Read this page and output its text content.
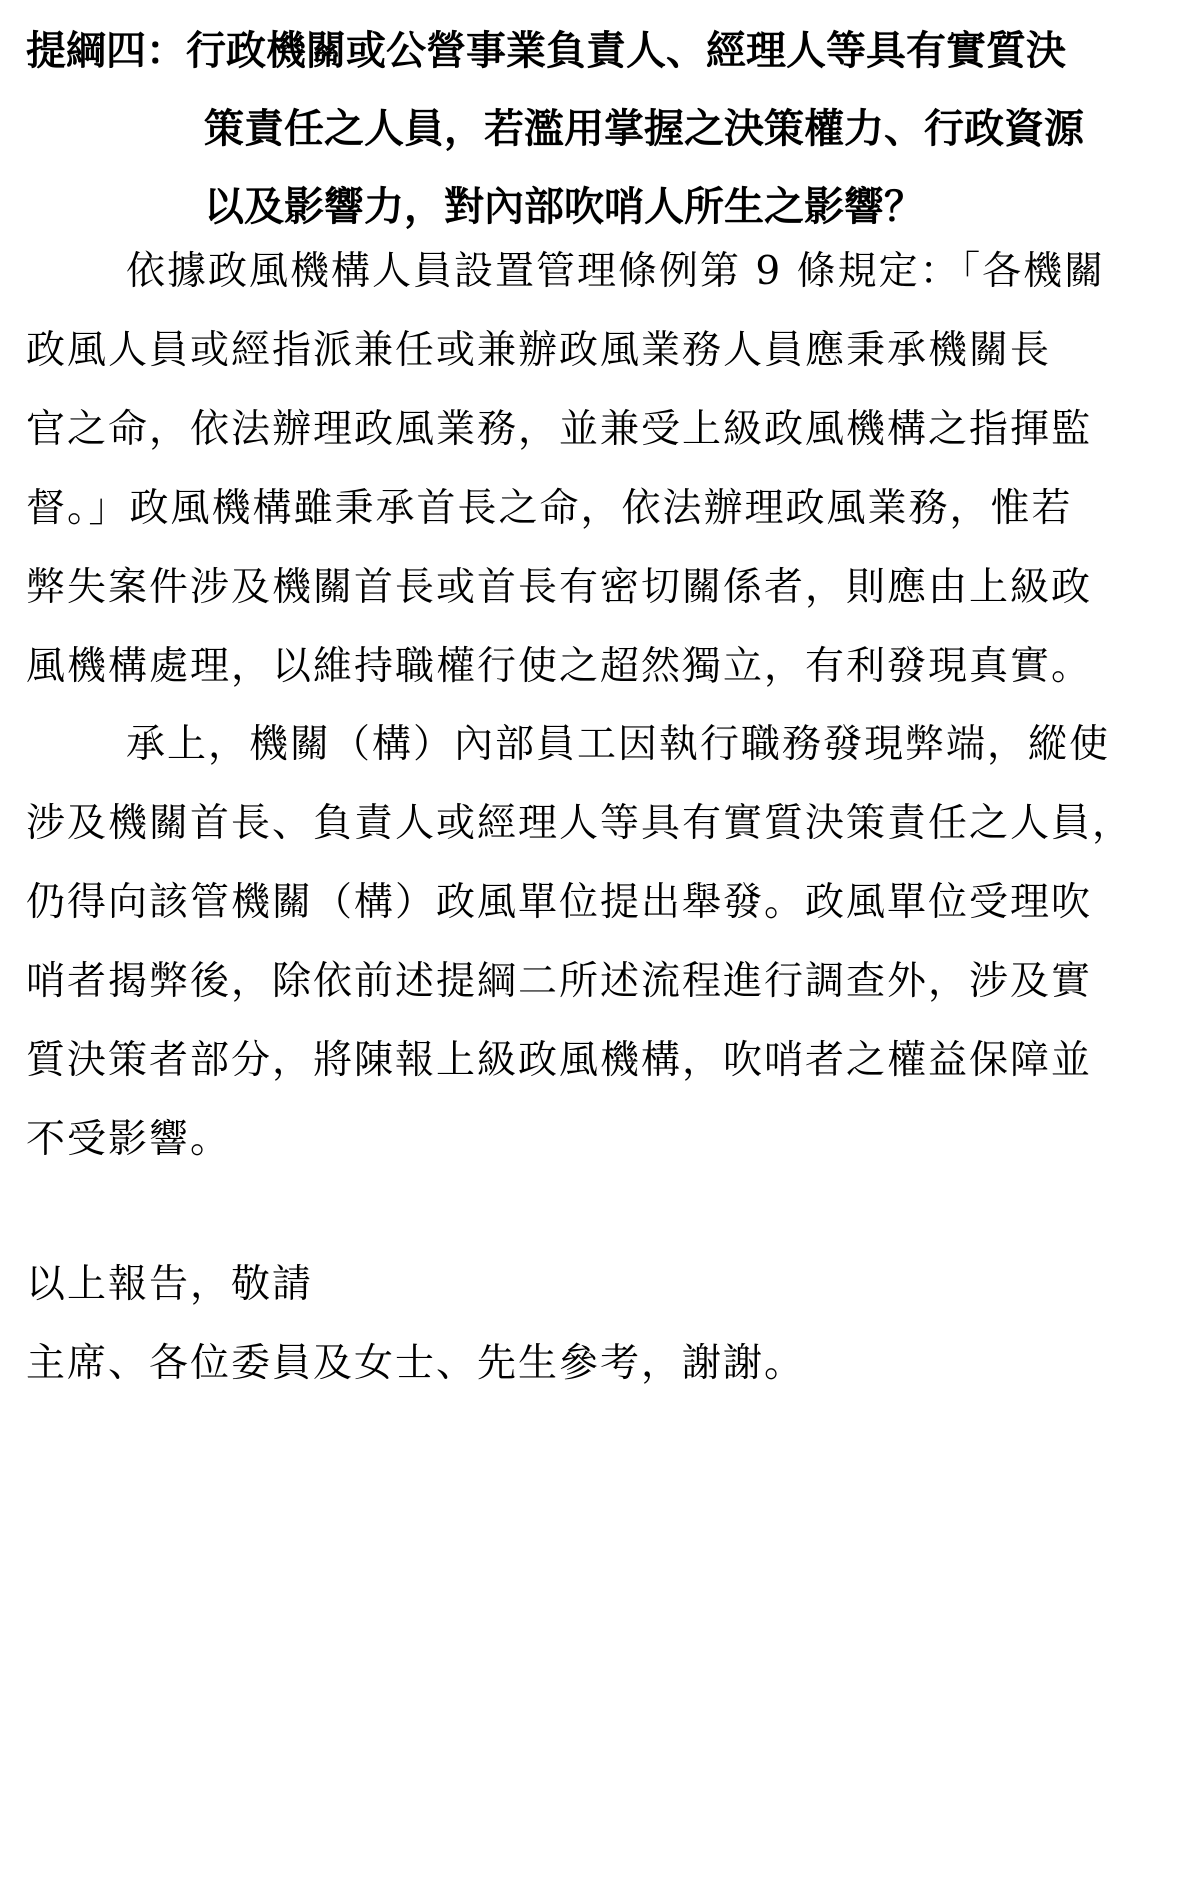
提綱四：行政機關或公營事業負責人、經理人等具有實質決
策責任之人員，若濫用掌握之決策權力、行政資源
以及影響力，對內部吹哨人所生之影響？
依據政風機構人員設置管理條例第 9 條規定：「各機關
政風人員或經指派兼任或兼辦政風業務人員應秉承機關長
官之命，依法辦理政風業務，並兼受上級政風機構之指揮監
督。」政風機構雖秉承首長之命，依法辦理政風業務，惟若
弊失案件涉及機關首長或首長有密切關係者，則應由上級政
風機構處理，以維持職權行使之超然獨立，有利發現真實。
承上，機關（構）內部員工因執行職務發現弊端，縱使
涉及機關首長、負責人或經理人等具有實質決策責任之人員，
仍得向該管機關（構）政風單位提出舉發。政風單位受理吹
哨者揭弊後，除依前述提綱二所述流程進行調查外，涉及實
質決策者部分，將陳報上級政風機構，吹哨者之權益保障並
不受影響。
以上報告，敬請
主席、各位委員及女士、先生參考，謝謝。
